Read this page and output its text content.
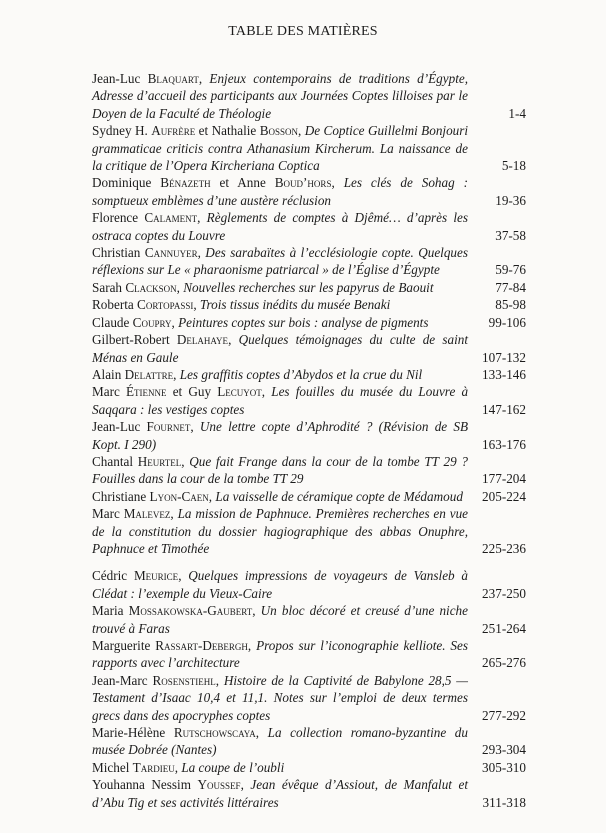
TABLE DES MATIÈRES
Jean-Luc Blaquart, Enjeux contemporains de traditions d’Égypte, Adresse d’accueil des participants aux Journées Coptes lilloises par le Doyen de la Faculté de Théologie	1-4
Sydney H. Aufrère et Nathalie Bosson, De Coptice Guillelmi Bonjouri grammaticae criticis contra Athanasium Kircherum. La naissance de la critique de l’Opera Kircheriana Coptica	5-18
Dominique Bénazeth et Anne Boud’hors, Les clés de Sohag : somptueux emblèmes d’une austère réclusion	19-36
Florence Calament, Règlements de comptes à Djêmé… d’après les ostraca coptes du Louvre	37-58
Christian Cannuyer, Des sarabaïtes à l’ecclésiologie copte. Quelques réflexions sur Le « pharaonisme patriarcal » de l’Église d’Égypte	59-76
Sarah Clackson, Nouvelles recherches sur les papyrus de Baouit	77-84
Roberta Cortopassi, Trois tissus inédits du musée Benaki	85-98
Claude Coupry, Peintures coptes sur bois : analyse de pigments	99-106
Gilbert-Robert Delahaye, Quelques témoignages du culte de saint Ménas en Gaule	107-132
Alain Delattre, Les graffitis coptes d’Abydos et la crue du Nil	133-146
Marc Étienne et Guy Lecuyot, Les fouilles du musée du Louvre à Saqqara : les vestiges coptes	147-162
Jean-Luc Fournet, Une lettre copte d’Aphrodité ? (Révision de SB Kopt. I 290)	163-176
Chantal Heurtel, Que fait Frange dans la cour de la tombe TT 29 ? Fouilles dans la cour de la tombe TT 29	177-204
Christiane Lyon-Caen, La vaisselle de céramique copte de Médamoud	205-224
Marc Malevez, La mission de Paphnuce. Premières recherches en vue de la constitution du dossier hagiographique des abbas Onuphre, Paphnuce et Timothée	225-236
Cédric Meurice, Quelques impressions de voyageurs de Vansleb à Clédat : l’exemple du Vieux-Caire	237-250
Maria Mossakowska-Gaubert, Un bloc décoré et creusé d’une niche trouvé à Faras	251-264
Marguerite Rassart-Debergh, Propos sur l’iconographie kelliote. Ses rapports avec l’architecture	265-276
Jean-Marc Rosenstiehl, Histoire de la Captivité de Babylone 28,5 — Testament d’Isaac 10,4 et 11,1. Notes sur l’emploi de deux termes grecs dans des apocryphes coptes	277-292
Marie-Hélène Rutschowscaya, La collection romano-byzantine du musée Dobrée (Nantes)	293-304
Michel Tardieu, La coupe de l’oubli	305-310
Youhanna Nessim Youssef, Jean évêque d’Assiout, de Manfalut et d’Abu Tig et ses activités littéraires	311-318
